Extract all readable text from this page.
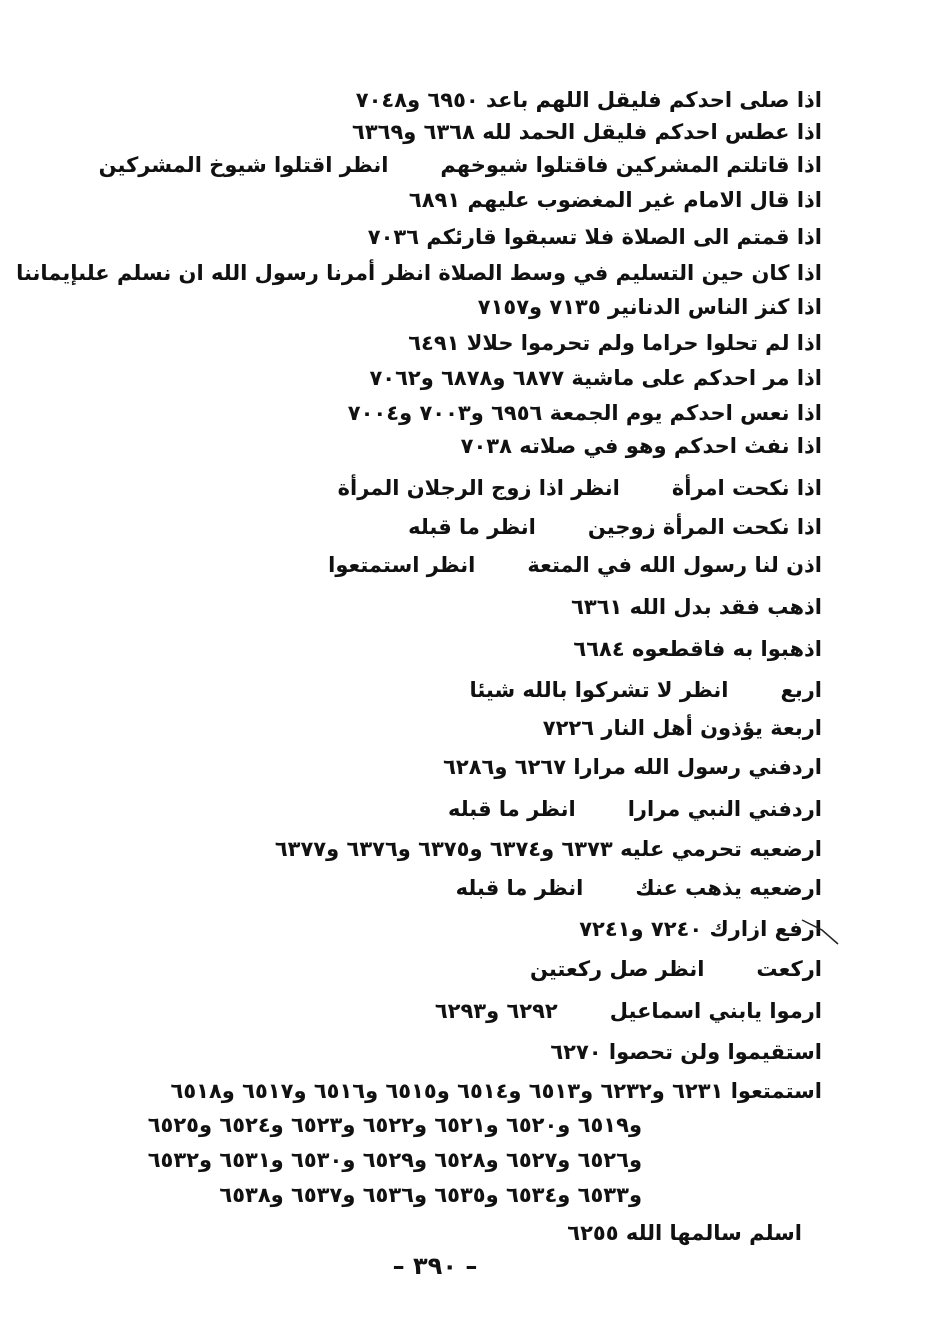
اذا صلى احدكم فليقل اللهم باعد ٦٩٥٠ و٧٠٤٨
اذا عطس احدكم فليقل الحمد لله ٦٣٦٨ و٦٣٦٩
اذا قاتلتم المشركين فاقتلوا شيوخهمانظر اقتلوا شيوخ المشركين
اذا قال الامام غير المغضوب عليهم ٦٨٩١
اذا قمتم الى الصلاة فلا تسبقوا قارئكم ٧٠٣٦
اذا كان حين التسليم في وسط الصلاة انظر أمرنا رسول الله ان نسلم علىإيماننا
اذا كنز الناس الدنانير ٧١٣٥ و٧١٥٧
اذا لم تحلوا حراما ولم تحرموا حلالا ٦٤٩١
اذا مر احدكم على ماشية ٦٨٧٧ و٦٨٧٨ و٧٠٦٢
اذا نعس احدكم يوم الجمعة ٦٩٥٦ و٧٠٠٣ و٧٠٠٤
اذا نفث احدكم وهو في صلاته ٧٠٣٨
اذا نكحت امرأةانظر اذا زوج الرجلان المرأة
اذا نكحت المرأة زوجينانظر ما قبله
اذن لنا رسول الله في المتعةانظر استمتعوا
اذهب فقد بدل الله ٦٣٦١
اذهبوا به فاقطعوه ٦٦٨٤
اربعانظر لا تشركوا بالله شيئا
اربعة يؤذون أهل النار ٧٢٢٦
اردفني رسول الله مرارا ٦٢٦٧ و٦٢٨٦
اردفني النبي مراراانظر ما قبله
ارضعيه تحرمي عليه ٦٣٧٣ و٦٣٧٤ و٦٣٧٥ و٦٣٧٦ و٦٣٧٧
ارضعيه يذهب عنكانظر ما قبله
ارفع ازارك ٧٢٤٠ و٧٢٤١
اركعتانظر صل ركعتين
ارموا يابني اسماعيل٦٢٩٢ و٦٢٩٣
استقيموا ولن تحصوا ٦٢٧٠
استمتعوا ٦٢٣١ و٦٢٣٢ و٦٥١٣ و٦٥١٤ و٦٥١٥ و٦٥١٦ و٦٥١٧ و٦٥١٨
و٦٥١٩ و٦٥٢٠ و٦٥٢١ و٦٥٢٢ و٦٥٢٣ و٦٥٢٤ و٦٥٢٥
و٦٥٢٦ و٦٥٢٧ و٦٥٢٨ و٦٥٢٩ و٦٥٣٠ و٦٥٣١ و٦٥٣٢
و٦٥٣٣ و٦٥٣٤ و٦٥٣٥ و٦٥٣٦ و٦٥٣٧ و٦٥٣٨
اسلم سالمها الله ٦٢٥٥
– ٣٩٠ –
